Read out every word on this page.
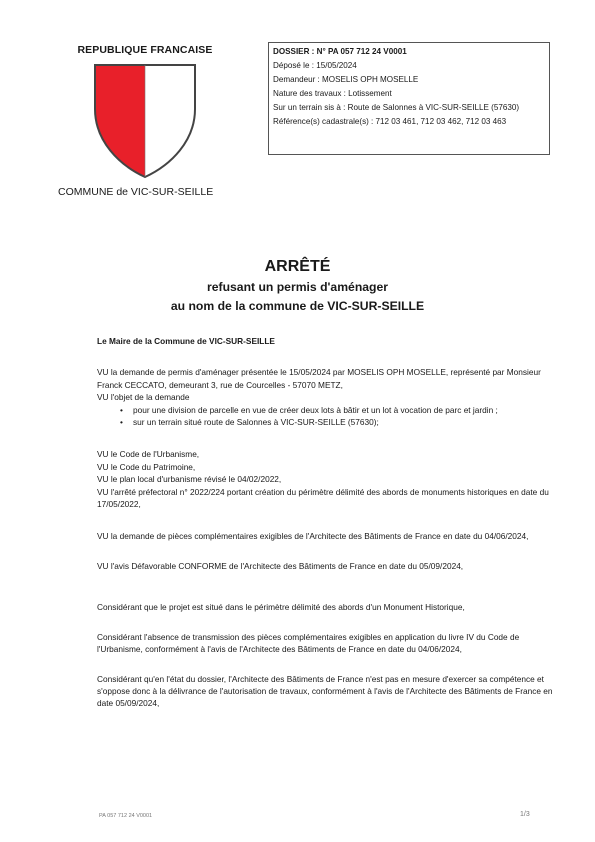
REPUBLIQUE FRANCAISE
COMMUNE de VIC-SUR-SEILLE
DOSSIER : N° PA 057 712 24 V0001
Déposé le : 15/05/2024
Demandeur : MOSELIS OPH MOSELLE
Nature des travaux : Lotissement
Sur un terrain sis à : Route de Salonnes à VIC-SUR-SEILLE (57630)
Référence(s) cadastrale(s) : 712 03 461, 712 03 462, 712 03 463
ARRÊTÉ
refusant un permis d'aménager
au nom de la commune de VIC-SUR-SEILLE

Le Maire de la Commune de VIC-SUR-SEILLE

VU la demande de permis d'aménager présentée le 15/05/2024 par MOSELIS OPH MOSELLE, représenté par Monsieur Franck CECCATO, demeurant 3, rue de Courcelles - 57070 METZ,

VU l'objet de la demande

• pour une division de parcelle en vue de créer deux lots à bâtir et un lot à vocation de parc et jardin ;
• sur un terrain situé route de Salonnes à VIC-SUR-SEILLE (57630);

VU le Code de l'Urbanisme,

VU le Code du Patrimoine,

VU le plan local d'urbanisme révisé le 04/02/2022,

VU l'arrêté préfectoral n° 2022/224 portant création du périmètre délimité des abords de monuments historiques en date du 17/05/2022,

VU la demande de pièces complémentaires exigibles de l'Architecte des Bâtiments de France en date du 04/06/2024,

VU l'avis Défavorable CONFORME de l'Architecte des Bâtiments de France en date du 05/09/2024,

Considérant que le projet est situé dans le périmètre délimité des abords d'un Monument Historique,

Considérant l'absence de transmission des pièces complémentaires exigibles en application du livre IV du Code de l'Urbanisme, conformément à l'avis de l'Architecte des Bâtiments de France en date du 04/06/2024,

Considérant qu'en l'état du dossier, l'Architecte des Bâtiments de France n'est pas en mesure d'exercer sa compétence et s'oppose donc à la délivrance de l'autorisation de travaux, conformément à l'avis de l'Architecte des Bâtiments de France en date 05/09/2024,

PA 057 712 24 V0001	1/3
